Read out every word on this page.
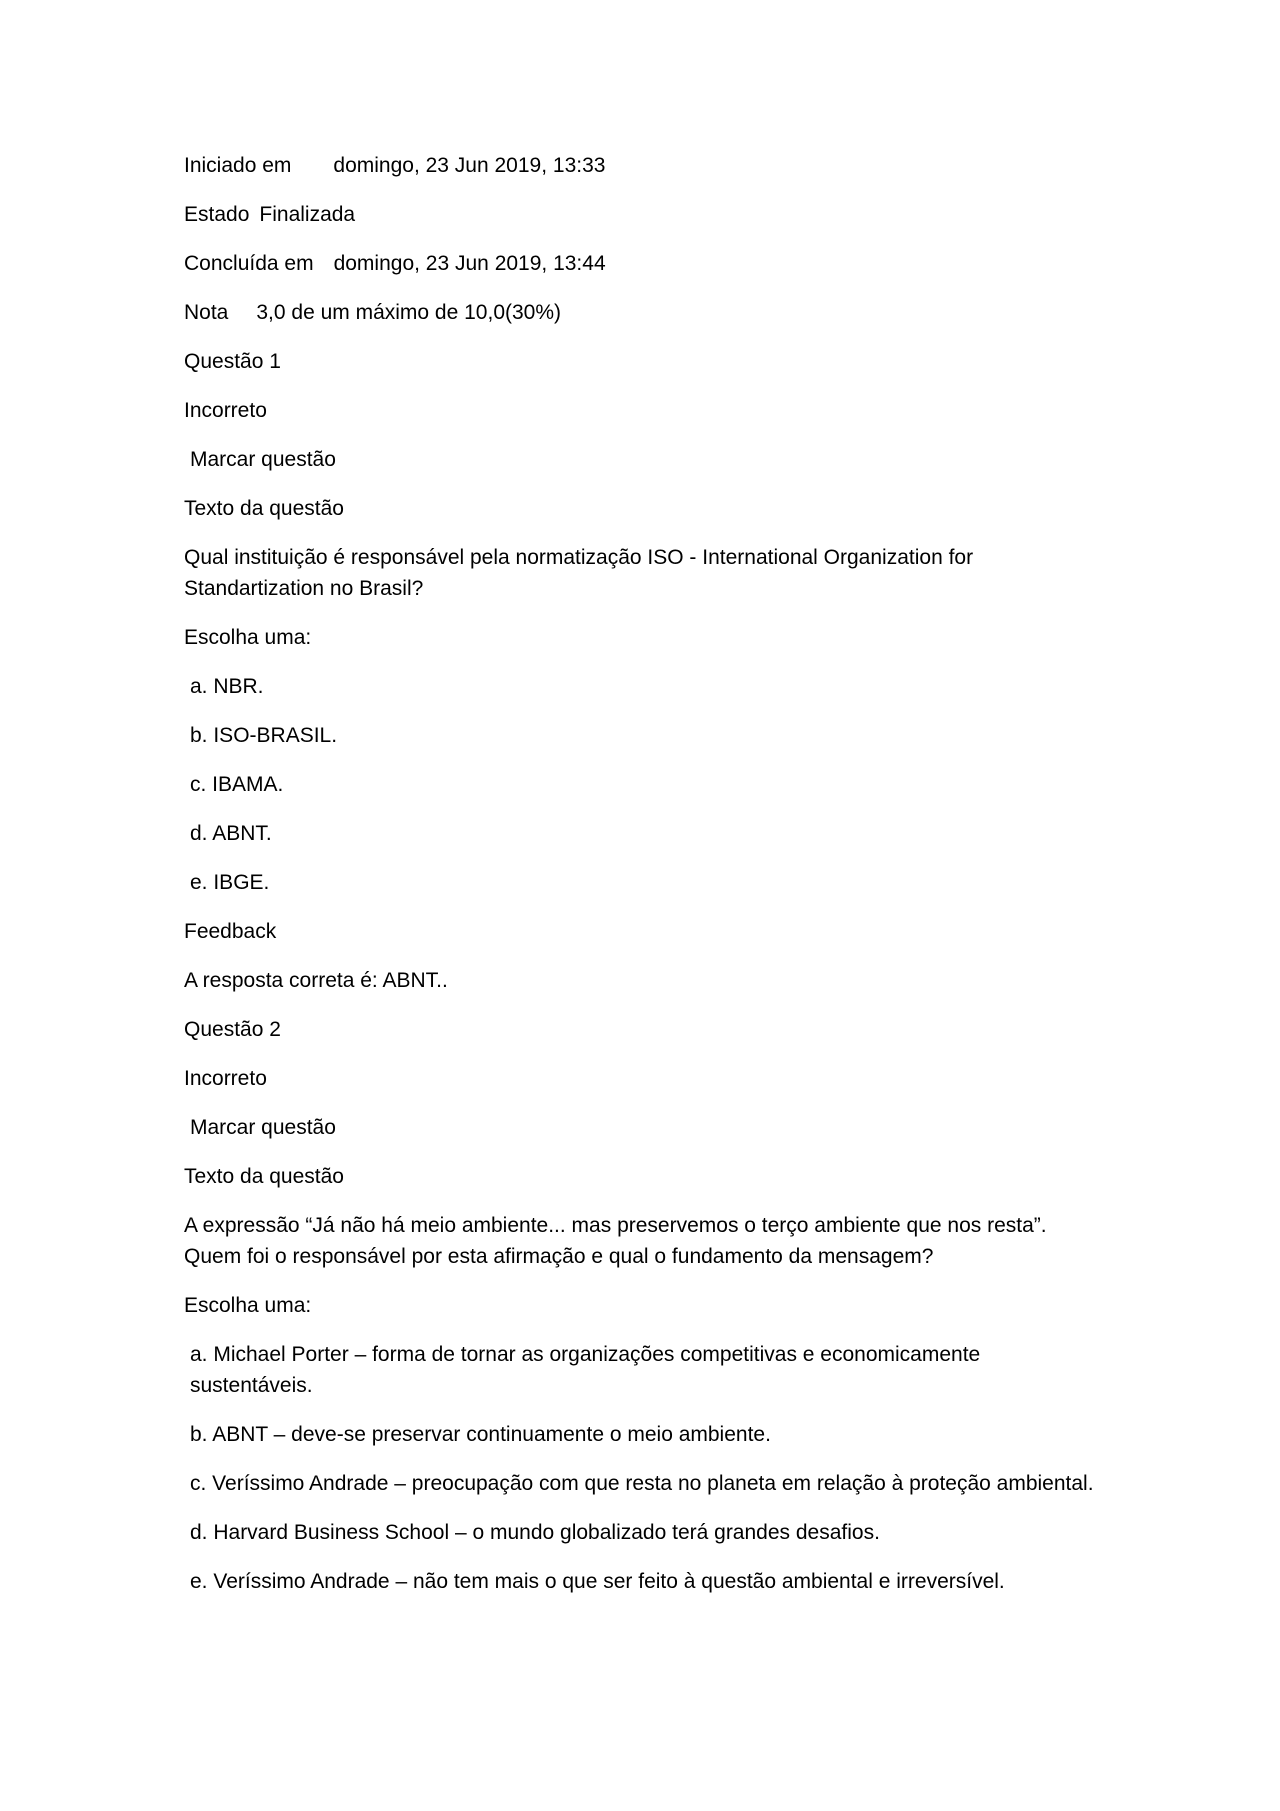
Iniciado em domingo, 23 Jun 2019, 13:33

Estado Finalizada

Concluída em domingo, 23 Jun 2019, 13:44

Nota 3,0 de um máximo de 10,0(30%)

Questão 1

Incorreto

Marcar questão

Texto da questão

Qual instituição é responsável pela normatização ISO - International Organization for Standartization no Brasil?

Escolha uma:

a. NBR.

b. ISO-BRASIL.

c. IBAMA.

d. ABNT.

e. IBGE.

Feedback

A resposta correta é: ABNT..

Questão 2

Incorreto

Marcar questão

Texto da questão

A expressão “Já não há meio ambiente... mas preservemos o terço ambiente que nos resta”. Quem foi o responsável por esta afirmação e qual o fundamento da mensagem?

Escolha uma:

a. Michael Porter – forma de tornar as organizações competitivas e economicamente sustentáveis.

b. ABNT – deve-se preservar continuamente o meio ambiente.

c. Veríssimo Andrade – preocupação com que resta no planeta em relação à proteção ambiental.

d. Harvard Business School – o mundo globalizado terá grandes desafios.

e. Veríssimo Andrade – não tem mais o que ser feito à questão ambiental e irreversível.
